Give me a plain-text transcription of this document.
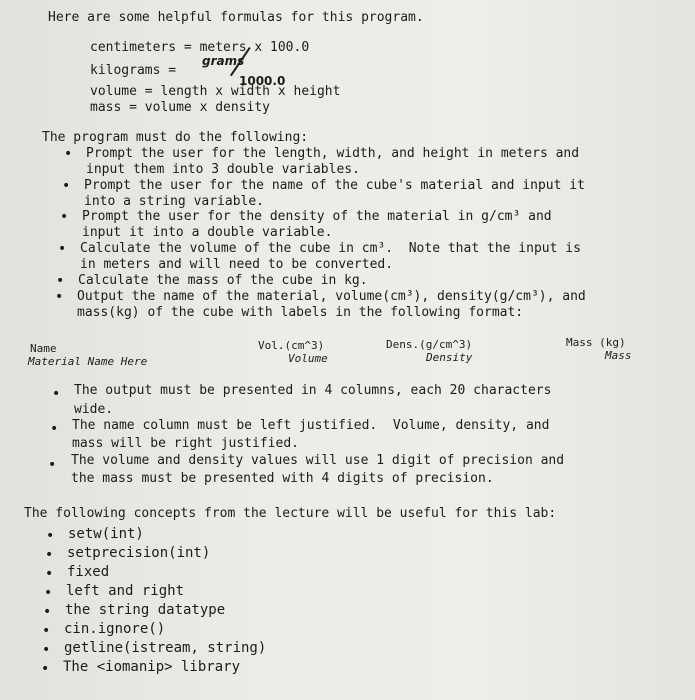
Here are some helpful formulas for this program.
centimeters = meters x 100.0
kilograms =
grams
1000.0
volume = length x width x height
mass = volume x density
The program must do the following:
• Prompt the user for the length, width, and height in meters and
input them into 3 double variables.
• Prompt the user for the name of the cube's material and input it
into a string variable.
• Prompt the user for the density of the material in g/cm³ and
input it into a double variable.
• Calculate the volume of the cube in cm³.  Note that the input is
in meters and will need to be converted.
• Calculate the mass of the cube in kg.
• Output the name of the material, volume(cm³), density(g/cm³), and
mass(kg) of the cube with labels in the following format:
Name	Vol.(cm^3)	Dens.(g/cm^3)	Mass (kg)
Material Name Here	Volume	Density	Mass
• The output must be presented in 4 columns, each 20 characters
wide.
• The name column must be left justified.  Volume, density, and
mass will be right justified.
• The volume and density values will use 1 digit of precision and
the mass must be presented with 4 digits of precision.
The following concepts from the lecture will be useful for this lab:
• setw(int)
• setprecision(int)
• fixed
• left and right
• the string datatype
• cin.ignore()
• getline(istream, string)
• The <iomanip> library
